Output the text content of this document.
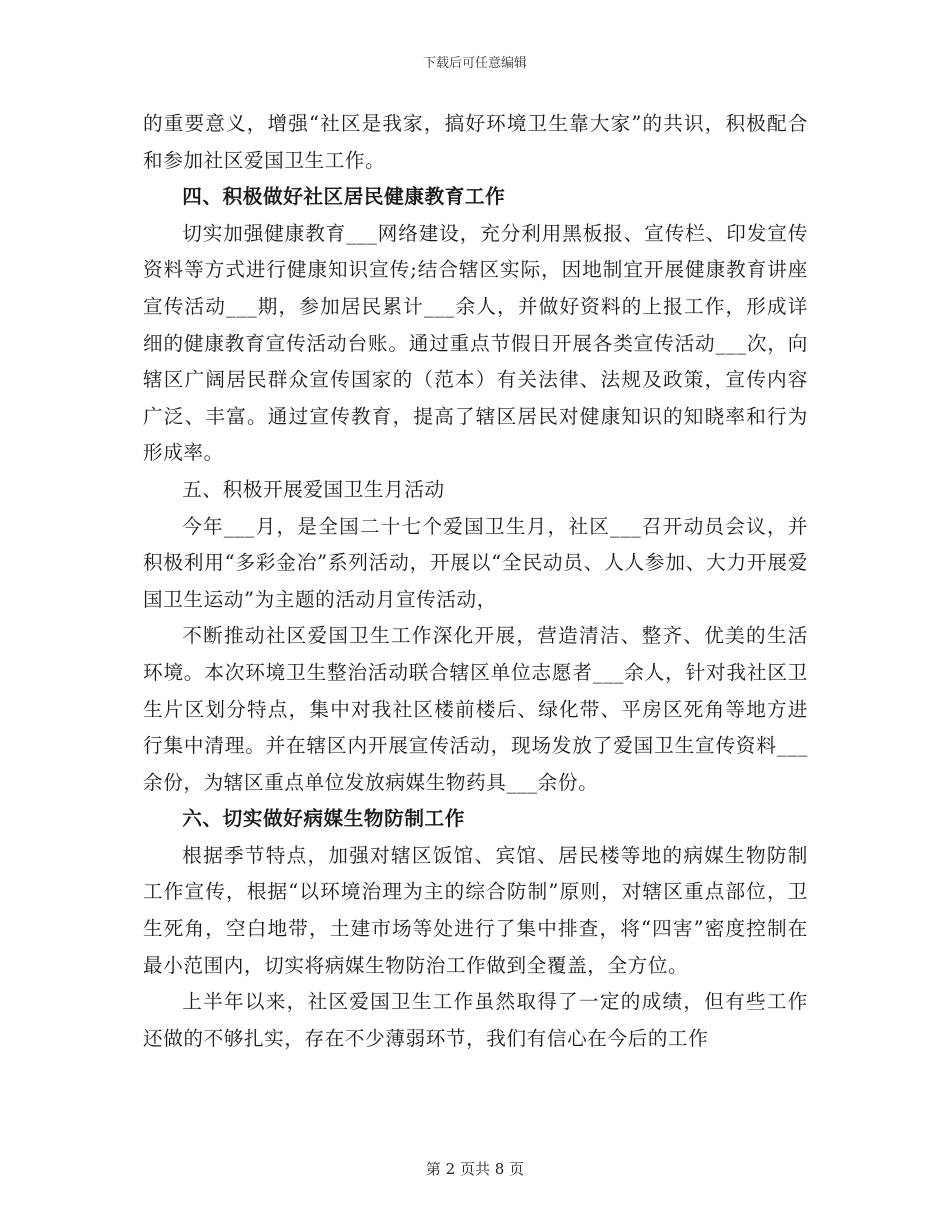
下载后可任意编辑

的重要意义，增强“社区是我家，搞好环境卫生靠大家”的共识，积极配合和参加社区爱国卫生工作。

四、积极做好社区居民健康教育工作

切实加强健康教育___网络建设，充分利用黑板报、宣传栏、印发宣传资料等方式进行健康知识宣传;结合辖区实际，因地制宜开展健康教育讲座宣传活动___期，参加居民累计___余人，并做好资料的上报工作，形成详细的健康教育宣传活动台账。通过重点节假日开展各类宣传活动___次，向辖区广阔居民群众宣传国家的（范本）有关法律、法规及政策，宣传内容广泛、丰富。通过宣传教育，提高了辖区居民对健康知识的知晓率和行为形成率。

五、积极开展爱国卫生月活动

今年___月，是全国二十七个爱国卫生月，社区___召开动员会议，并积极利用“多彩金冶”系列活动，开展以“全民动员、人人参加、大力开展爱国卫生运动”为主题的活动月宣传活动，

不断推动社区爱国卫生工作深化开展，营造清洁、整齐、优美的生活环境。本次环境卫生整治活动联合辖区单位志愿者___余人，针对我社区卫生片区划分特点，集中对我社区楼前楼后、绿化带、平房区死角等地方进行集中清理。并在辖区内开展宣传活动，现场发放了爱国卫生宣传资料___余份，为辖区重点单位发放病媒生物药具___余份。

六、切实做好病媒生物防制工作

根据季节特点，加强对辖区饭馆、宾馆、居民楼等地的病媒生物防制工作宣传，根据“以环境治理为主的综合防制”原则，对辖区重点部位，卫生死角，空白地带，土建市场等处进行了集中排查，将“四害”密度控制在最小范围内，切实将病媒生物防治工作做到全覆盖，全方位。

上半年以来，社区爱国卫生工作虽然取得了一定的成绩，但有些工作还做的不够扎实，存在不少薄弱环节，我们有信心在今后的工作

第 2 页共 8 页
